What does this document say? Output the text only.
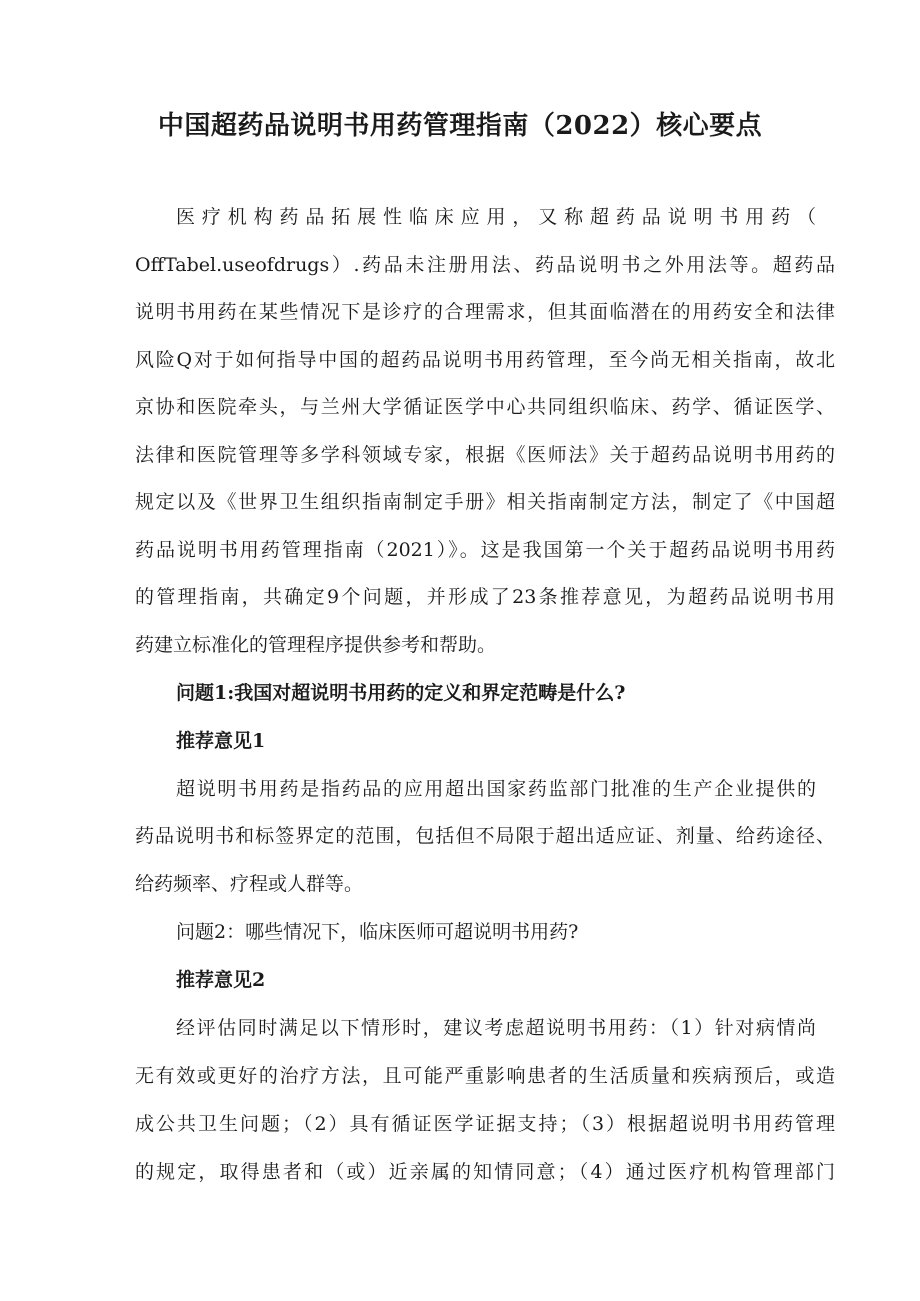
中国超药品说明书用药管理指南（2022）核心要点
医疗机构药品拓展性临床应用，又称超药品说明书用药（
OffTabel.useofdrugs）.药品未注册用法、药品说明书之外用法等。超药品
说明书用药在某些情况下是诊疗的合理需求，但其面临潜在的用药安全和法律
风险Q对于如何指导中国的超药品说明书用药管理，至今尚无相关指南，故北
京协和医院牵头，与兰州大学循证医学中心共同组织临床、药学、循证医学、
法律和医院管理等多学科领域专家，根据《医师法》关于超药品说明书用药的
规定以及《世界卫生组织指南制定手册》相关指南制定方法，制定了《中国超
药品说明书用药管理指南（2021）》。这是我国第一个关于超药品说明书用药
的管理指南，共确定9个问题，并形成了23条推荐意见，为超药品说明书用
药建立标准化的管理程序提供参考和帮助。
问题1:我国对超说明书用药的定义和界定范畴是什么?
推荐意见1
超说明书用药是指药品的应用超出国家药监部门批准的生产企业提供的
药品说明书和标签界定的范围，包括但不局限于超出适应证、剂量、给药途径、
给药频率、疗程或人群等。
问题2：哪些情况下，临床医师可超说明书用药?
推荐意见2
经评估同时满足以下情形时，建议考虑超说明书用药：（1）针对病情尚
无有效或更好的治疗方法，且可能严重影响患者的生活质量和疾病预后，或造
成公共卫生问题；（2）具有循证医学证据支持；（3）根据超说明书用药管理
的规定，取得患者和（或）近亲属的知情同意；（4）通过医疗机构管理部门
